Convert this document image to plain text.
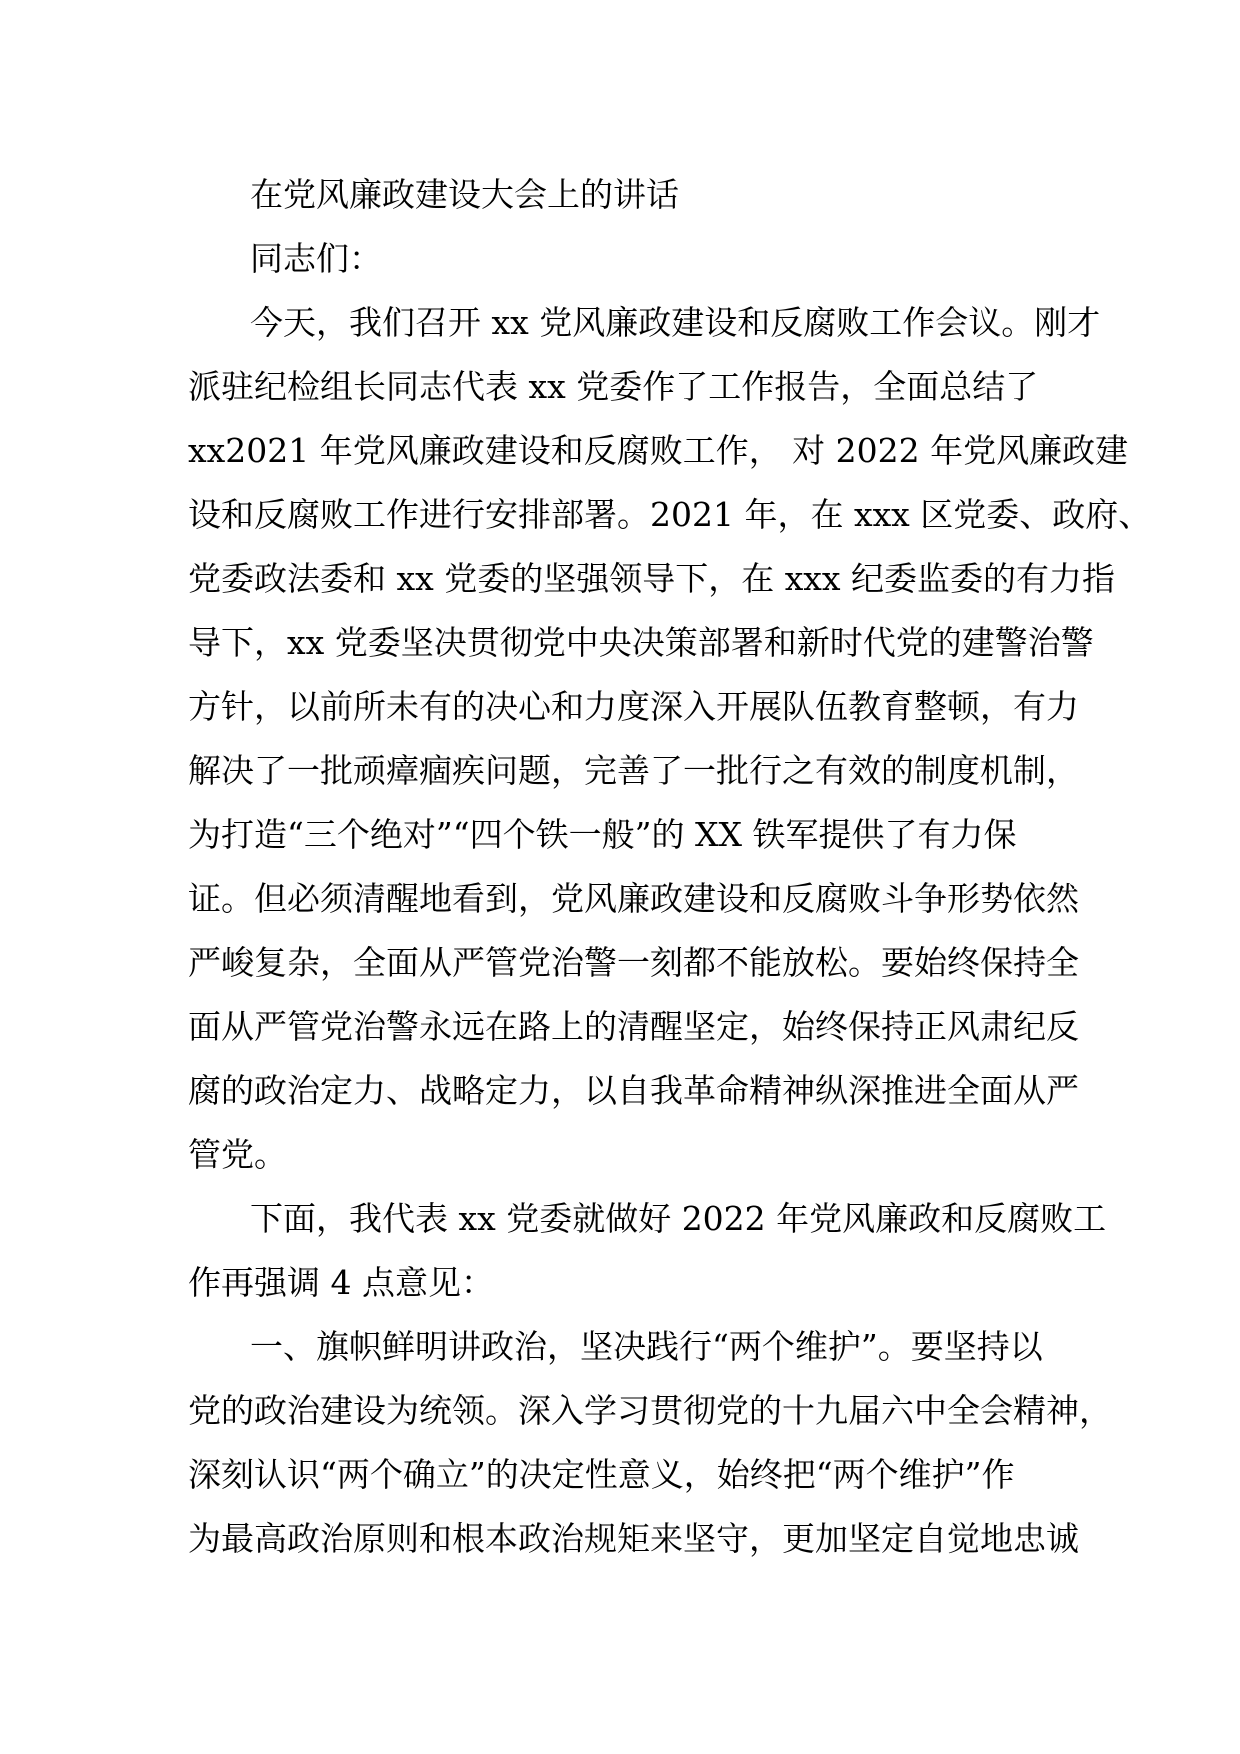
在党风廉政建设大会上的讲话
同志们：
今天，我们召开 xx 党风廉政建设和反腐败工作会议。刚才
派驻纪检组长同志代表 xx 党委作了工作报告，全面总结了
xx2021 年党风廉政建设和反腐败工作， 对 2022 年党风廉政建
设和反腐败工作进行安排部署。2021 年，在 xxx 区党委、政府、
党委政法委和 xx 党委的坚强领导下，在 xxx 纪委监委的有力指
导下，xx 党委坚决贯彻党中央决策部署和新时代党的建警治警
方针，以前所未有的决心和力度深入开展队伍教育整顿，有力
解决了一批顽瘴痼疾问题，完善了一批行之有效的制度机制，
为打造“三个绝对”“四个铁一般”的 XX 铁军提供了有力保
证。但必须清醒地看到，党风廉政建设和反腐败斗争形势依然
严峻复杂，全面从严管党治警一刻都不能放松。要始终保持全
面从严管党治警永远在路上的清醒坚定，始终保持正风肃纪反
腐的政治定力、战略定力，以自我革命精神纵深推进全面从严
管党。
下面，我代表 xx 党委就做好 2022 年党风廉政和反腐败工
作再强调 4 点意见：
一、旗帜鲜明讲政治，坚决践行“两个维护”。要坚持以
党的政治建设为统领。深入学习贯彻党的十九届六中全会精神，
深刻认识“两个确立”的决定性意义，始终把“两个维护”作
为最高政治原则和根本政治规矩来坚守，更加坚定自觉地忠诚
